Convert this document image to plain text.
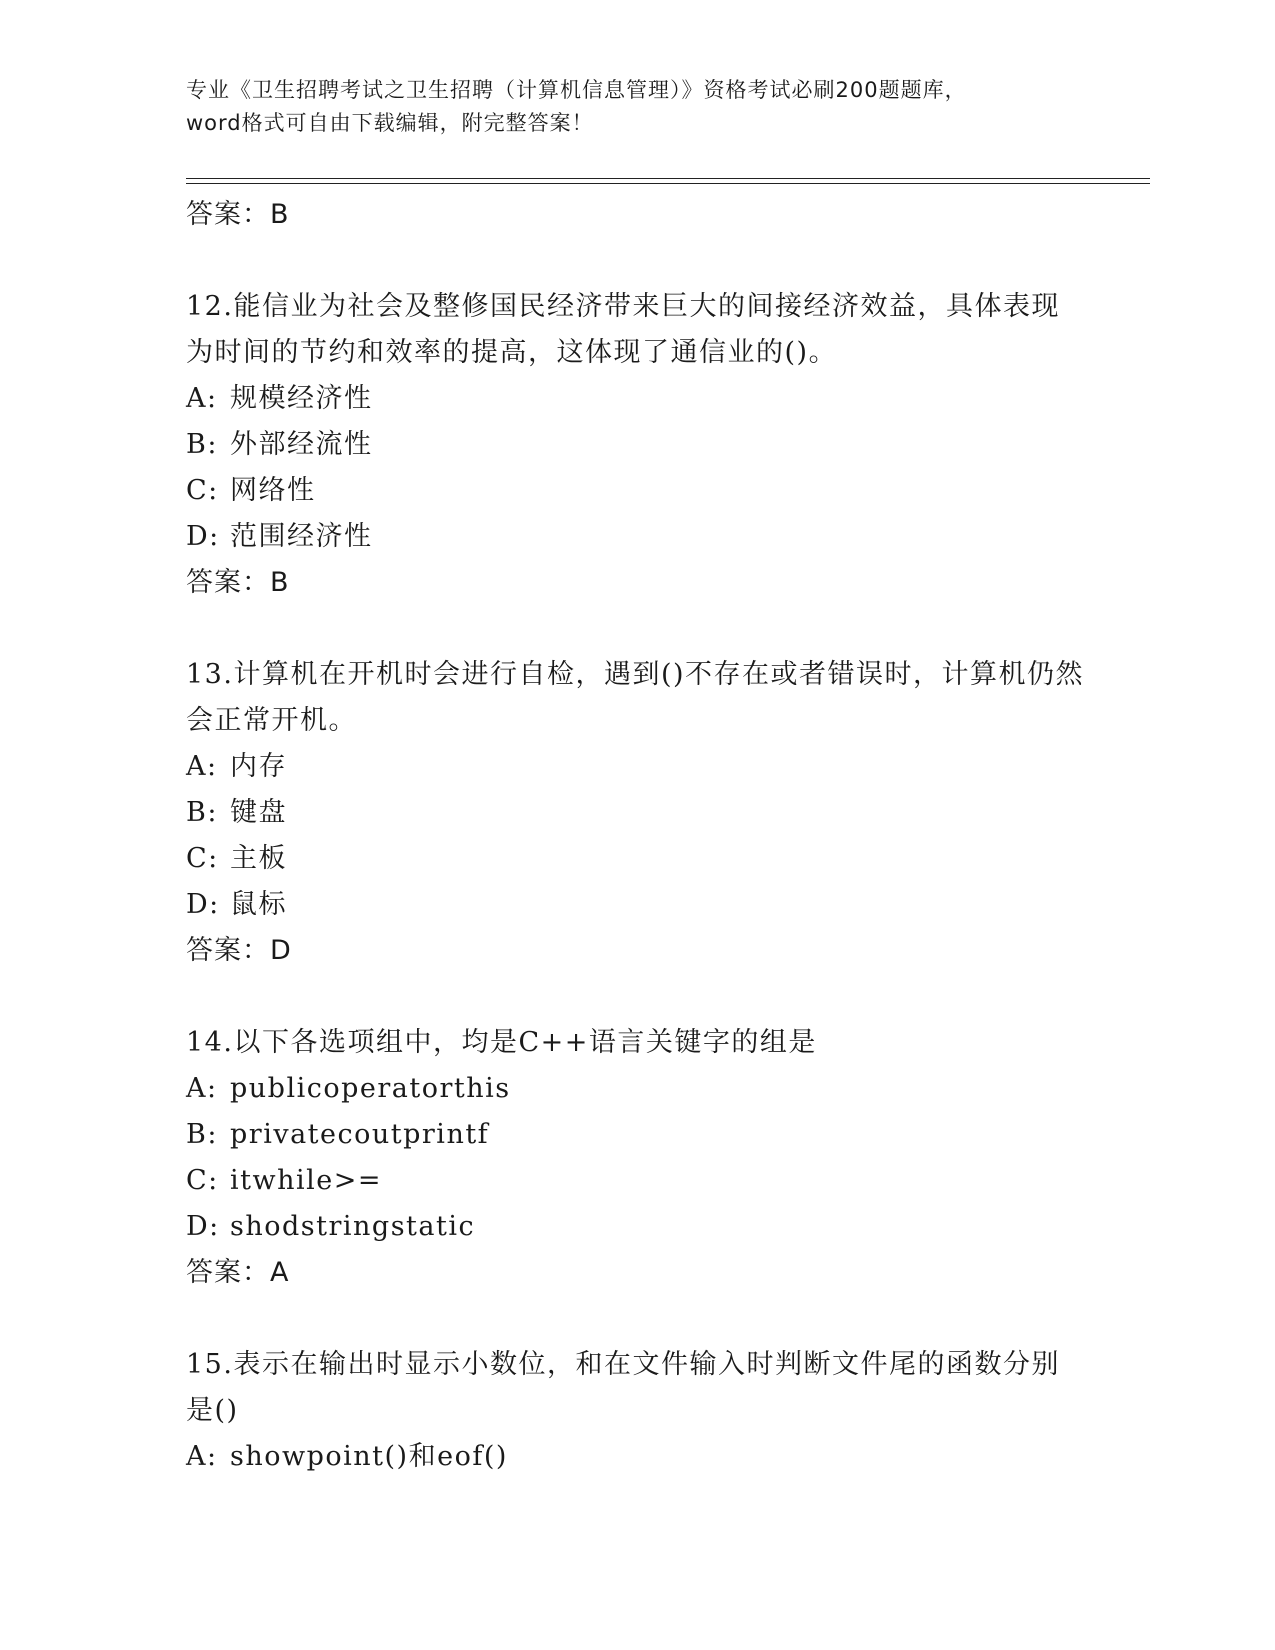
专业《卫生招聘考试之卫生招聘（计算机信息管理）》资格考试必刷200题题库，
word格式可自由下载编辑，附完整答案！
答案：B
12.能信业为社会及整修国民经济带来巨大的间接经济效益，具体表现为时间的节约和效率的提高，这体现了通信业的()。
A: 规模经济性
B: 外部经流性
C: 网络性
D: 范围经济性
答案：B
13.计算机在开机时会进行自检，遇到()不存在或者错误时，计算机仍然会正常开机。
A: 内存
B: 键盘
C: 主板
D: 鼠标
答案：D
14.以下各选项组中，均是C++语言关键字的组是
A: publicoperatorthis
B: privatecoutprintf
C: itwhile>=
D: shodstringstatic
答案：A
15.表示在输出时显示小数位，和在文件输入时判断文件尾的函数分别是()
A: showpoint()和eof()
